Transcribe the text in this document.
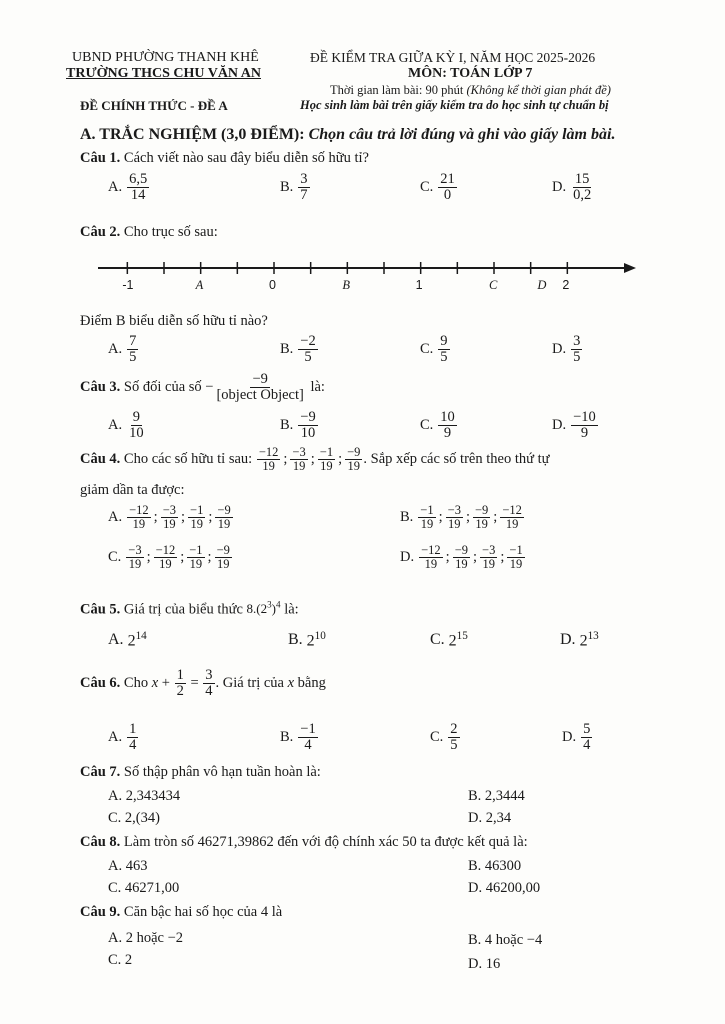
UBND PHƯỜNG THANH KHÊ
TRƯỜNG THCS CHU VĂN AN
ĐỀ CHÍNH THỨC - ĐỀ A
ĐỀ KIỂM TRA GIỮA KỲ I, NĂM HỌC 2025-2026
MÔN: TOÁN LỚP 7
Thời gian làm bài: 90 phút (Không kể thời gian phát đề)
Học sinh làm bài trên giấy kiểm tra do học sinh tự chuẩn bị
A. TRẮC NGHIỆM (3,0 ĐIỂM): Chọn câu trả lời đúng và ghi vào giấy làm bài.
Câu 1. Cách viết nào sau đây biểu diễn số hữu tỉ?
A. $\frac{6,5}{14}$	B. $\frac{3}{7}$	C. $\frac{21}{0}$	D. $\frac{15}{0,2}$
Câu 2. Cho trục số sau:
-1	A	0	B	1	C	D 2
Điểm B biểu diễn số hữu tỉ nào?
A. $\frac{7}{5}$	B. $\frac{-2}{5}$	C. $\frac{9}{5}$	D. $\frac{3}{5}$
Câu 3. Số đối của số − $\frac{-9}{\text{[object Object]}}$ là:
A. $\frac{9}{10}$	B. $\frac{-9}{10}$	C. $\frac{10}{9}$	D. $\frac{-10}{9}$
Câu 4. Cho các số hữu tỉ sau: $\frac{-12}{19}$ ; $\frac{-3}{19}$ ; $\frac{-1}{19}$ ; $\frac{-9}{19}$ . Sắp xếp các số trên theo thứ tự
giảm dần ta được:
A. $\frac{-12}{19}$ ; $\frac{-3}{19}$ ; $\frac{-1}{19}$ ; $\frac{-9}{19}$	B. $\frac{-1}{19}$ ; $\frac{-3}{19}$ ; $\frac{-9}{19}$ ; $\frac{-12}{19}$
C. $\frac{-3}{19}$ ; $\frac{-12}{19}$ ; $\frac{-1}{19}$ ; $\frac{-9}{19}$	D. $\frac{-12}{19}$ ; $\frac{-9}{19}$ ; $\frac{-3}{19}$ ; $\frac{-1}{19}$
Câu 5. Giá trị của biểu thức $8.(2^3)^4$ là:
A. $2^{14}$	B. $2^{10}$	C. $2^{15}$	D. $2^{13}$
Câu 6. Cho $x + \frac{1}{2} = \frac{3}{4}$ . Giá trị của x bằng
A. $\frac{1}{4}$	B. $\frac{-1}{4}$	C. $\frac{2}{5}$	D. $\frac{5}{4}$
Câu 7. Số thập phân vô hạn tuần hoàn là:
A. 2,343434	B. 2,3444
C. 2,(34)	D. 2,34
Câu 8. Làm tròn số 46271,39862 đến với độ chính xác 50 ta được kết quả là:
A. 463	B. 46300
C. 46271,00	D. 46200,00
Câu 9. Căn bậc hai số học của 4 là
A. 2 hoặc −2	B. 4 hoặc −4
C. 2	D. 16
